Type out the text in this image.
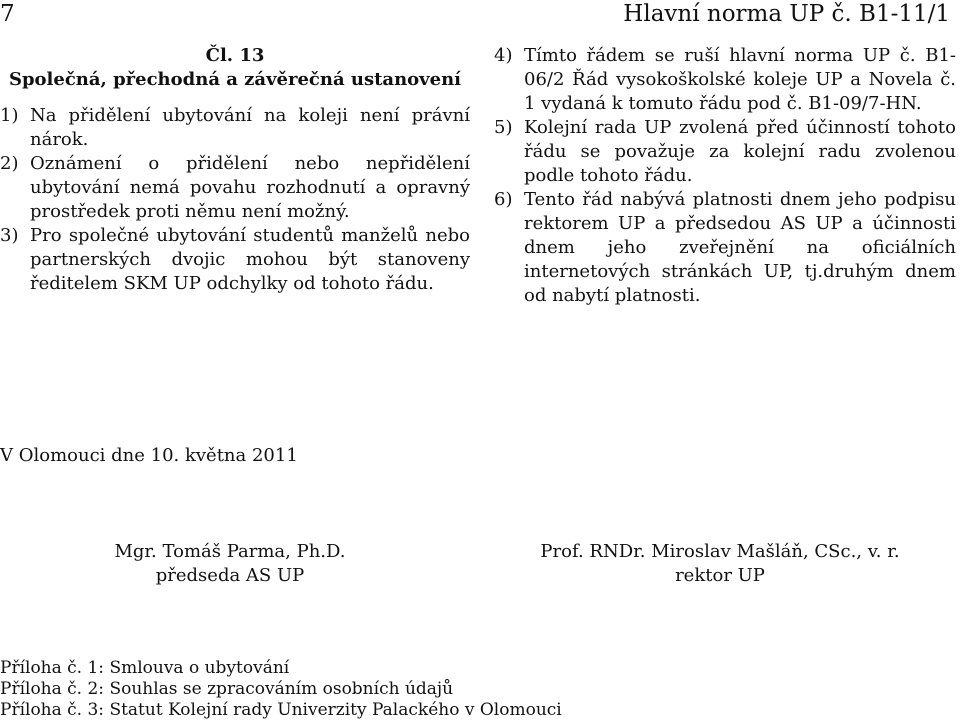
7	Hlavní norma UP č. B1-11/1

Čl. 13

Společná, přechodná a závěrečná ustanovení

1) Na přidělení ubytování na koleji není právní nárok.

2) Oznámení o přidělení nebo nepřidělení ubytování nemá povahu rozhodnutí a opravný prostředek proti němu není možný.

3) Pro společné ubytování studentů manželů nebo partnerských dvojic mohou být stanoveny ředitelem SKM UP odchylky od tohoto řádu.

4) Tímto řádem se ruší hlavní norma UP č. B1-06/2 Řád vysokoškolské koleje UP a Novela č. 1 vydaná k tomuto řádu pod č. B1-09/7-HN.

5) Kolejní rada UP zvolená před účinností tohoto řádu se považuje za kolejní radu zvolenou podle tohoto řádu.

6) Tento řád nabývá platnosti dnem jeho podpisu rektorem UP a předsedou AS UP a účinnosti dnem jeho zveřejnění na oficiálních internetových stránkách UP, tj.druhým dnem od nabytí platnosti.

V Olomouci dne 10. května 2011
Mgr. Tomáš Parma, Ph.D.
předseda AS UP
Prof. RNDr. Miroslav Mašláň, CSc., v. r.
rektor UP
Příloha č. 1: Smlouva o ubytování
Příloha č. 2: Souhlas se zpracováním osobních údajů
Příloha č. 3: Statut Kolejní rady Univerzity Palackého v Olomouci
